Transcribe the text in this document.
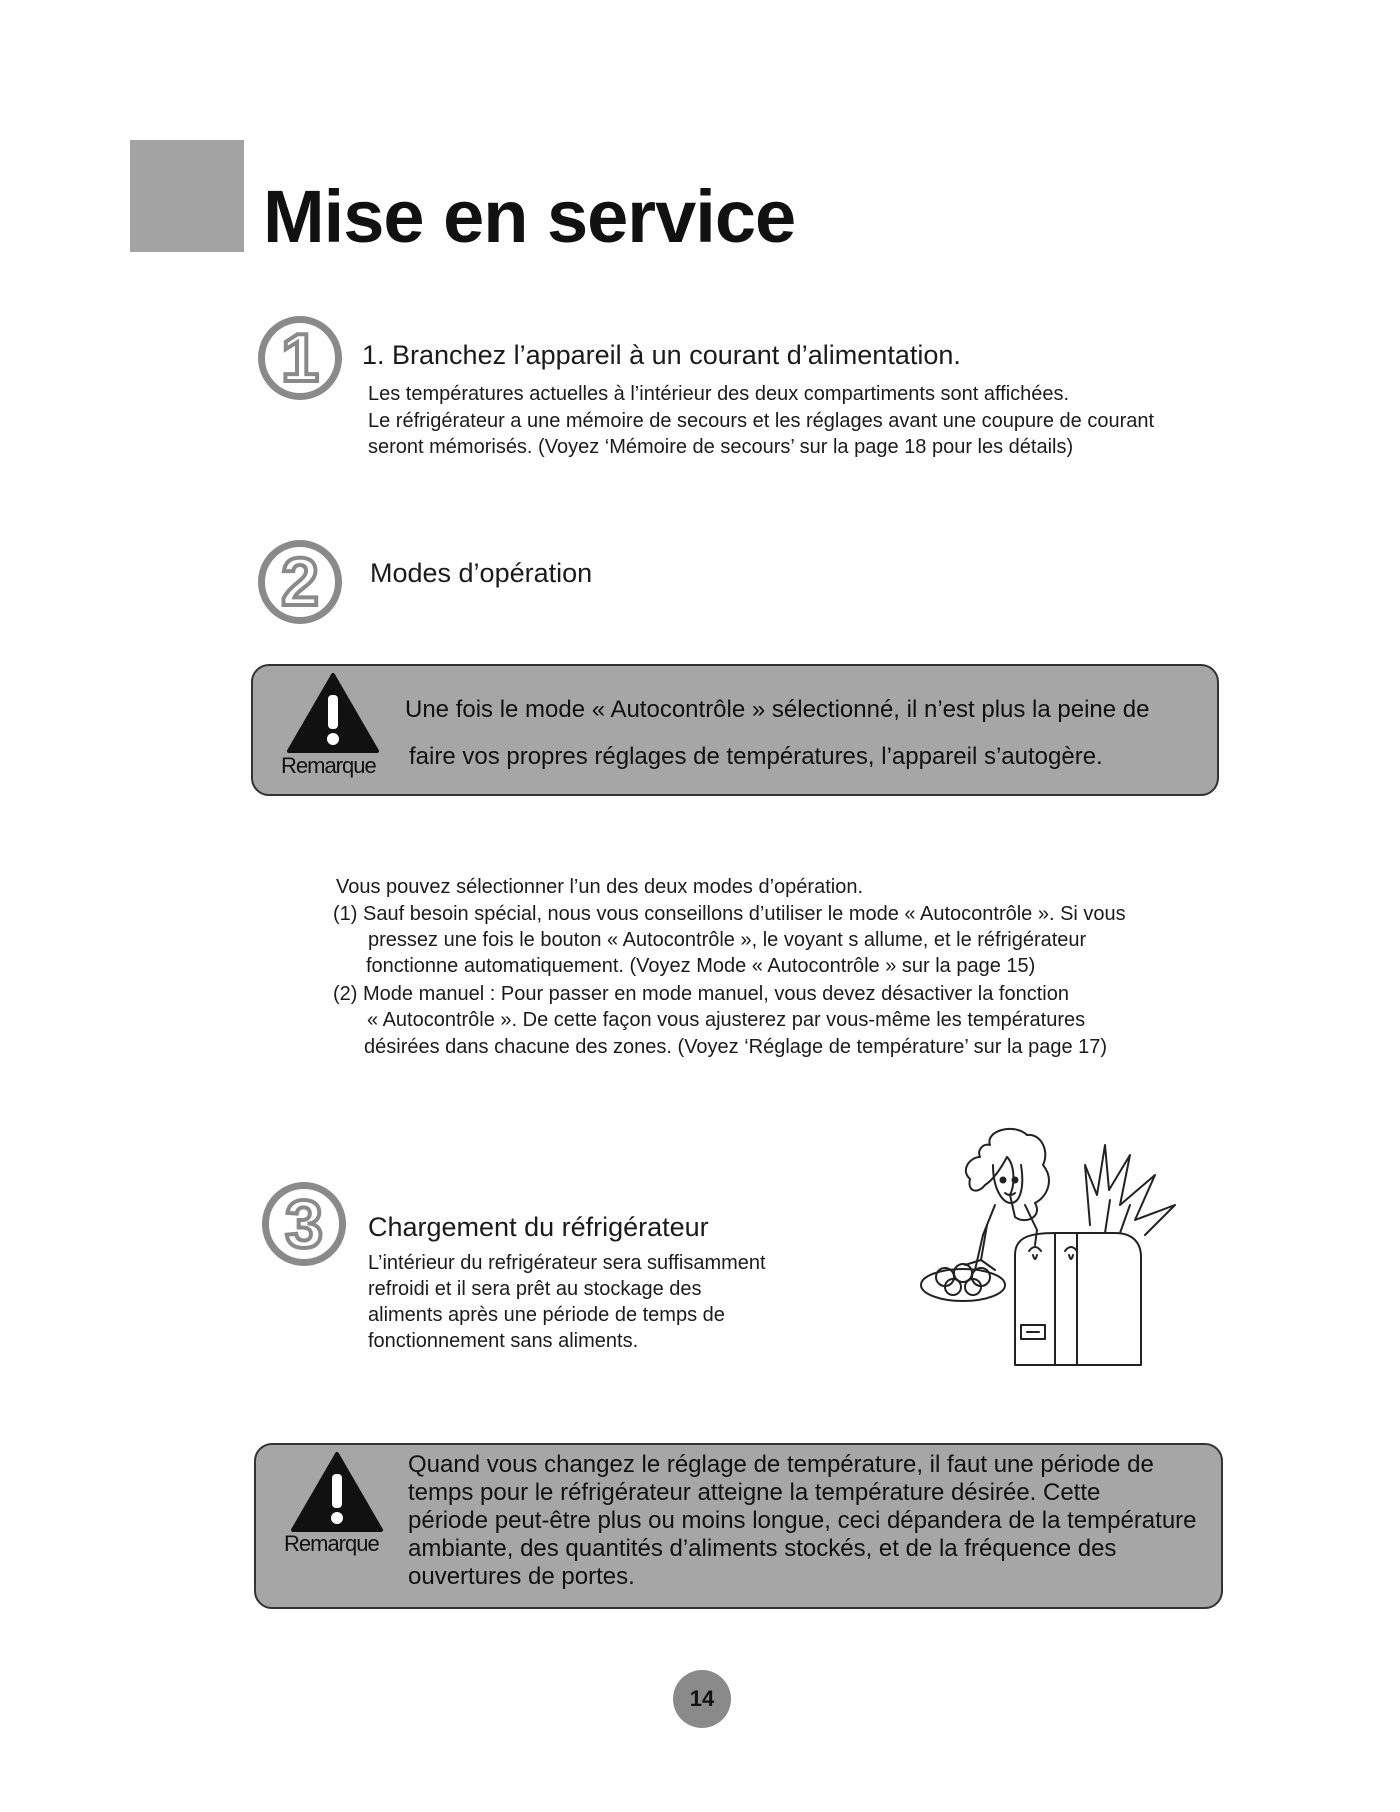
Mise en service
1 1. Branchez l’appareil à un courant d’alimentation.
Les températures actuelles à l’intérieur des deux compartiments sont affichées.
Le réfrigérateur a une mémoire de secours et les réglages avant une coupure de courant
seront mémorisés. (Voyez ‘Mémoire de secours’ sur la page 18 pour les détails)
2 Modes d’opération
Remarque
Une fois le mode « Autocontrôle » sélectionné, il n’est plus la peine de
faire vos propres réglages de températures, l’appareil s’autogère.
Vous pouvez sélectionner l’un des deux modes d’opération.
(1) Sauf besoin spécial, nous vous conseillons d’utiliser le mode « Autocontrôle ». Si vous
pressez une fois le bouton « Autocontrôle », le voyant s allume, et le réfrigérateur
fonctionne automatiquement. (Voyez Mode « Autocontrôle » sur la page 15)
(2) Mode manuel : Pour passer en mode manuel, vous devez désactiver la fonction
« Autocontrôle ». De cette façon vous ajusterez par vous-même les températures
désirées dans chacune des zones. (Voyez ‘Réglage de température’ sur la page 17)
3 Chargement du réfrigérateur
L’intérieur du refrigérateur sera suffisamment
refroidi et il sera prêt au stockage des
aliments après une période de temps de
fonctionnement sans aliments.
Remarque
Quand vous changez le réglage de température, il faut une période de
temps pour le réfrigérateur atteigne la température désirée. Cette
période peut-être plus ou moins longue, ceci dépandera de la température
ambiante, des quantités d’aliments stockés, et de la fréquence des
ouvertures de portes.
14
